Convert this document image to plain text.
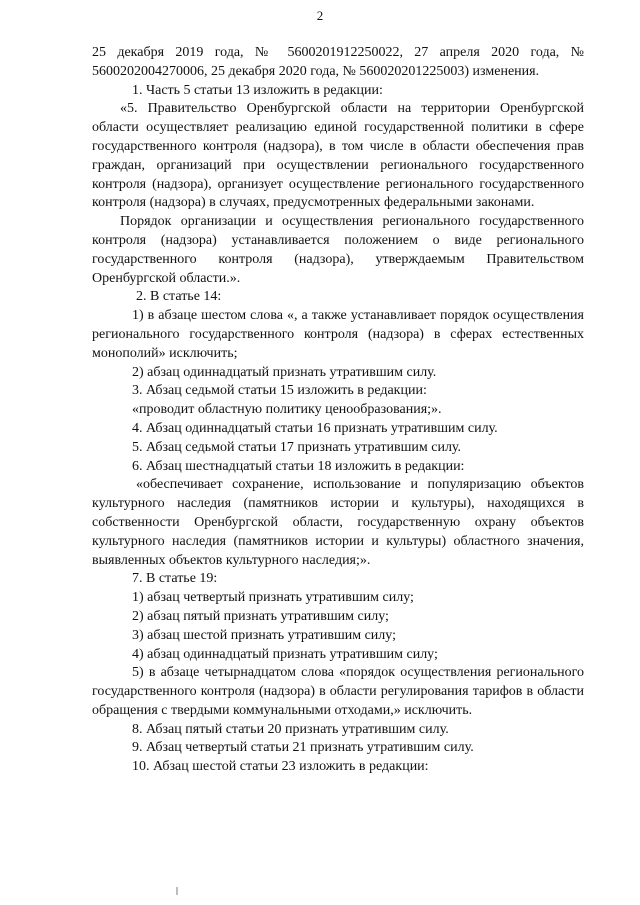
2

25 декабря 2019 года, № 5600201912250022, 27 апреля 2020 года, № 5600202004270006, 25 декабря 2020 года, № 560020201225003) изменения.

1. Часть 5 статьи 13 изложить в редакции:

«5. Правительство Оренбургской области на территории Оренбургской области осуществляет реализацию единой государственной политики в сфере государственного контроля (надзора), в том числе в области обеспечения прав граждан, организаций при осуществлении регионального государственного контроля (надзора), организует осуществление регионального государственного контроля (надзора) в случаях, предусмотренных федеральными законами.

Порядок организации и осуществления регионального государственного контроля (надзора) устанавливается положением о виде регионального государственного контроля (надзора), утверждаемым Правительством Оренбургской области.».

2. В статье 14:

1) в абзаце шестом слова «, а также устанавливает порядок осуществления регионального государственного контроля (надзора) в сферах естественных монополий» исключить;

2) абзац одиннадцатый признать утратившим силу.

3. Абзац седьмой статьи 15 изложить в редакции:

«проводит областную политику ценообразования;».

4. Абзац одиннадцатый статьи 16 признать утратившим силу.

5. Абзац седьмой статьи 17 признать утратившим силу.

6. Абзац шестнадцатый статьи 18 изложить в редакции:

«обеспечивает сохранение, использование и популяризацию объектов культурного наследия (памятников истории и культуры), находящихся в собственности Оренбургской области, государственную охрану объектов культурного наследия (памятников истории и культуры) областного значения, выявленных объектов культурного наследия;».

7. В статье 19:

1) абзац четвертый признать утратившим силу;

2) абзац пятый признать утратившим силу;

3) абзац шестой признать утратившим силу;

4) абзац одиннадцатый признать утратившим силу;

5) в абзаце четырнадцатом слова «порядок осуществления регионального государственного контроля (надзора) в области регулирования тарифов в области обращения с твердыми коммунальными отходами,» исключить.

8. Абзац пятый статьи 20 признать утратившим силу.

9. Абзац четвертый статьи 21 признать утратившим силу.

10. Абзац шестой статьи 23 изложить в редакции:
